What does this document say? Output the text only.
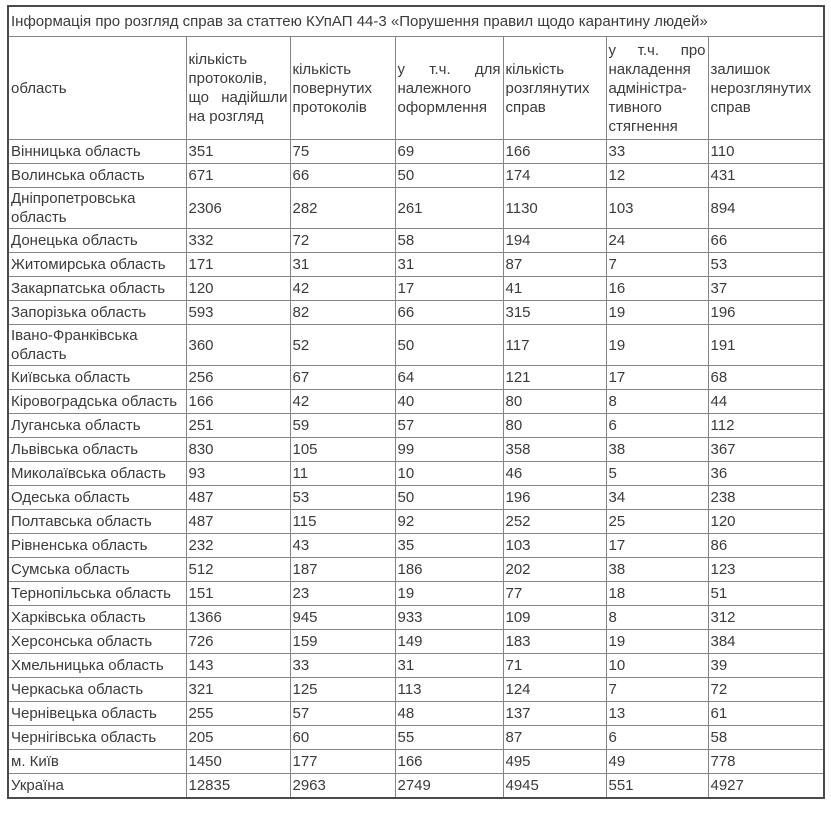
Інформація про розгляд справ за статтею КУпАП 44-3 «Порушення правил щодо карантину людей»						
область	кількість протоколів, що надійшли на розгляд	кількість повернутих протоколів	у т.ч. для належного оформлення	кількість розглянутих справ	у т.ч. про накладення адміністра-тивного стягнення	залишок нерозглянутих справ
Вінницька область	351	75	69	166	33	110
Волинська область	671	66	50	174	12	431
Дніпропетровська область	2306	282	261	1130	103	894
Донецька область	332	72	58	194	24	66
Житомирська область	171	31	31	87	7	53
Закарпатська область	120	42	17	41	16	37
Запорізька область	593	82	66	315	19	196
Івано-Франківська область	360	52	50	117	19	191
Київська область	256	67	64	121	17	68
Кіровоградська область	166	42	40	80	8	44
Луганська область	251	59	57	80	6	112
Львівська область	830	105	99	358	38	367
Миколаївська область	93	11	10	46	5	36
Одеська область	487	53	50	196	34	238
Полтавська область	487	115	92	252	25	120
Рівненська область	232	43	35	103	17	86
Сумська область	512	187	186	202	38	123
Тернопільська область	151	23	19	77	18	51
Харківська область	1366	945	933	109	8	312
Херсонська область	726	159	149	183	19	384
Хмельницька область	143	33	31	71	10	39
Черкаська область	321	125	113	124	7	72
Чернівецька область	255	57	48	137	13	61
Чернігівська область	205	60	55	87	6	58
м. Київ	1450	177	166	495	49	778
Україна	12835	2963	2749	4945	551	4927
